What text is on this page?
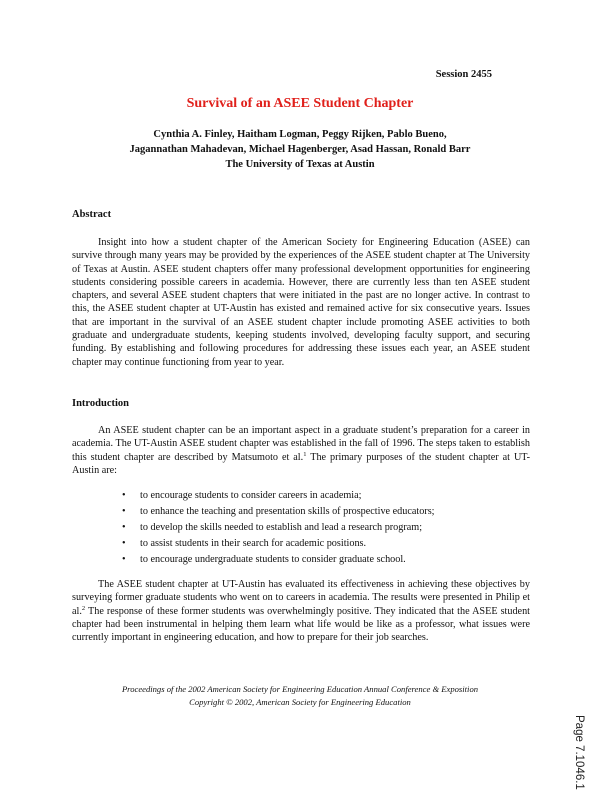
Session 2455
Survival of an ASEE Student Chapter
Cynthia A. Finley, Haitham Logman, Peggy Rijken, Pablo Bueno,
Jagannathan Mahadevan, Michael Hagenberger, Asad Hassan, Ronald Barr
The University of Texas at Austin
Abstract
Insight into how a student chapter of the American Society for Engineering Education (ASEE) can survive through many years may be provided by the experiences of the ASEE student chapter at The University of Texas at Austin. ASEE student chapters offer many professional development opportunities for engineering students considering possible careers in academia. However, there are currently less than ten ASEE student chapters, and several ASEE student chapters that were initiated in the past are no longer active. In contrast to this, the ASEE student chapter at UT-Austin has existed and remained active for six consecutive years. Issues that are important in the survival of an ASEE student chapter include promoting ASEE activities to both graduate and undergraduate students, keeping students involved, developing faculty support, and securing funding. By establishing and following procedures for addressing these issues each year, an ASEE student chapter may continue functioning from year to year.
Introduction
An ASEE student chapter can be an important aspect in a graduate student’s preparation for a career in academia. The UT-Austin ASEE student chapter was established in the fall of 1996. The steps taken to establish this student chapter are described by Matsumoto et al.$^1$ The primary purposes of the student chapter at UT-Austin are:
• to encourage students to consider careers in academia;
• to enhance the teaching and presentation skills of prospective educators;
• to develop the skills needed to establish and lead a research program;
• to assist students in their search for academic positions.
• to encourage undergraduate students to consider graduate school.
The ASEE student chapter at UT-Austin has evaluated its effectiveness in achieving these objectives by surveying former graduate students who went on to careers in academia. The results were presented in Philip et al.$^2$ The response of these former students was overwhelmingly positive. They indicated that the ASEE student chapter had been instrumental in helping them learn what life would be like as a professor, what issues were currently important in engineering education, and how to prepare for their job searches.
Proceedings of the 2002 American Society for Engineering Education Annual Conference & Exposition
Copyright © 2002, American Society for Engineering Education
Page 7.1046.1
